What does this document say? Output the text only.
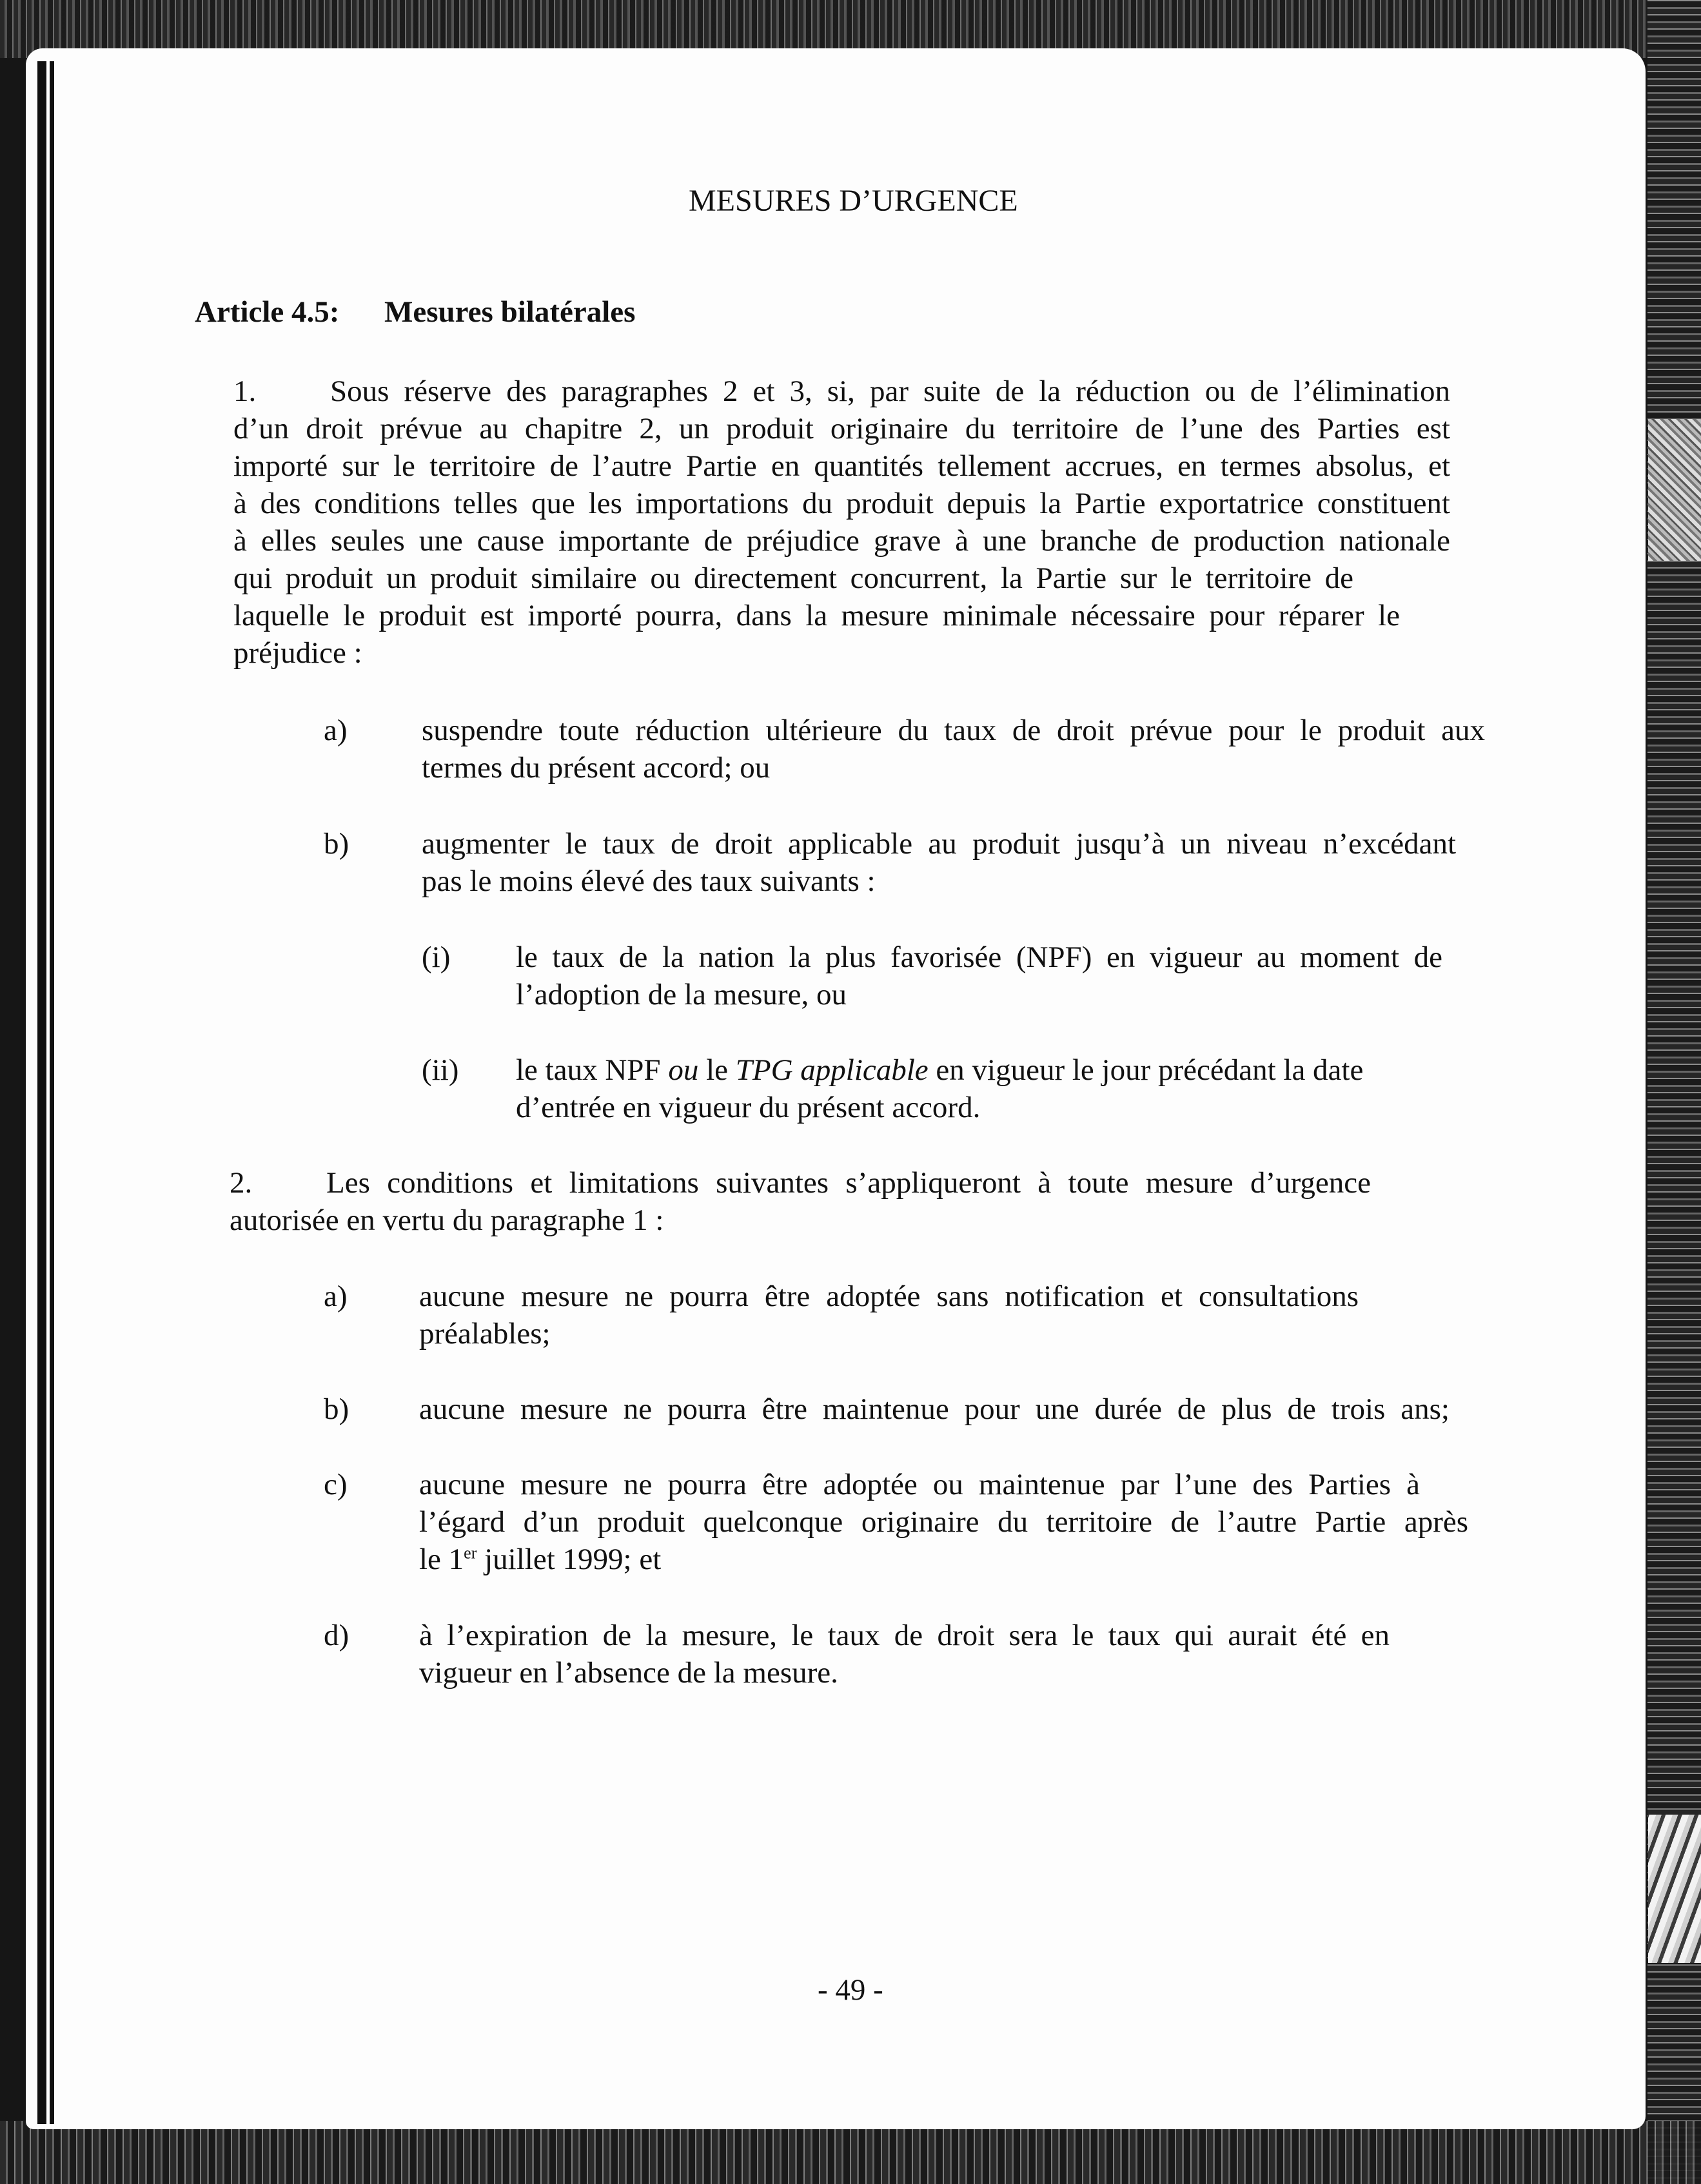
MESURES D’URGENCE
Article 4.5: Mesures bilatérales
1. Sous réserve des paragraphes 2 et 3, si, par suite de la réduction ou de l’élimination
d’un droit prévue au chapitre 2, un produit originaire du territoire de l’une des Parties est
importé sur le territoire de l’autre Partie en quantités tellement accrues, en termes absolus, et
à des conditions telles que les importations du produit depuis la Partie exportatrice constituent
à elles seules une cause importante de préjudice grave à une branche de production nationale
qui produit un produit similaire ou directement concurrent, la Partie sur le territoire de
laquelle le produit est importé pourra, dans la mesure minimale nécessaire pour réparer le
préjudice :
a) suspendre toute réduction ultérieure du taux de droit prévue pour le produit aux
termes du présent accord; ou
b) augmenter le taux de droit applicable au produit jusqu’à un niveau n’excédant
pas le moins élevé des taux suivants :
(i) le taux de la nation la plus favorisée (NPF) en vigueur au moment de
l’adoption de la mesure, ou
(ii) le taux NPF ou le TPG applicable en vigueur le jour précédant la date
d’entrée en vigueur du présent accord.
2. Les conditions et limitations suivantes s’appliqueront à toute mesure d’urgence
autorisée en vertu du paragraphe 1 :
a) aucune mesure ne pourra être adoptée sans notification et consultations
préalables;
b) aucune mesure ne pourra être maintenue pour une durée de plus de trois ans;
c) aucune mesure ne pourra être adoptée ou maintenue par l’une des Parties à
l’égard d’un produit quelconque originaire du territoire de l’autre Partie après
le 1er juillet 1999; et
d) à l’expiration de la mesure, le taux de droit sera le taux qui aurait été en
vigueur en l’absence de la mesure.
- 49 -
